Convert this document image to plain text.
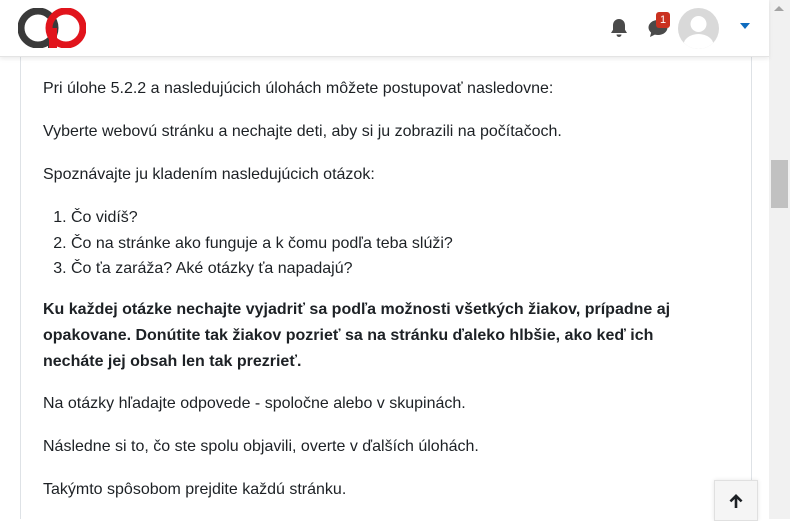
1

Pri úlohe 5.2.2 a nasledujúcich úlohách môžete postupovať nasledovne:

Vyberte webovú stránku a nechajte deti, aby si ju zobrazili na počítačoch.

Spoznávajte ju kladením nasledujúcich otázok:

1. Čo vidíš?
2. Čo na stránke ako funguje a k čomu podľa teba slúži?
3. Čo ťa zaráža? Aké otázky ťa napadajú?

Ku každej otázke nechajte vyjadriť sa podľa možnosti všetkých žiakov, prípadne aj opakovane. Donútite tak žiakov pozrieť sa na stránku ďaleko hlbšie, ako keď ich necháte jej obsah len tak prezrieť.

Na otázky hľadajte odpovede - spoločne alebo v skupinách.

Následne si to, čo ste spolu objavili, overte v ďalších úlohách.

Takýmto spôsobom prejdite každú stránku.
